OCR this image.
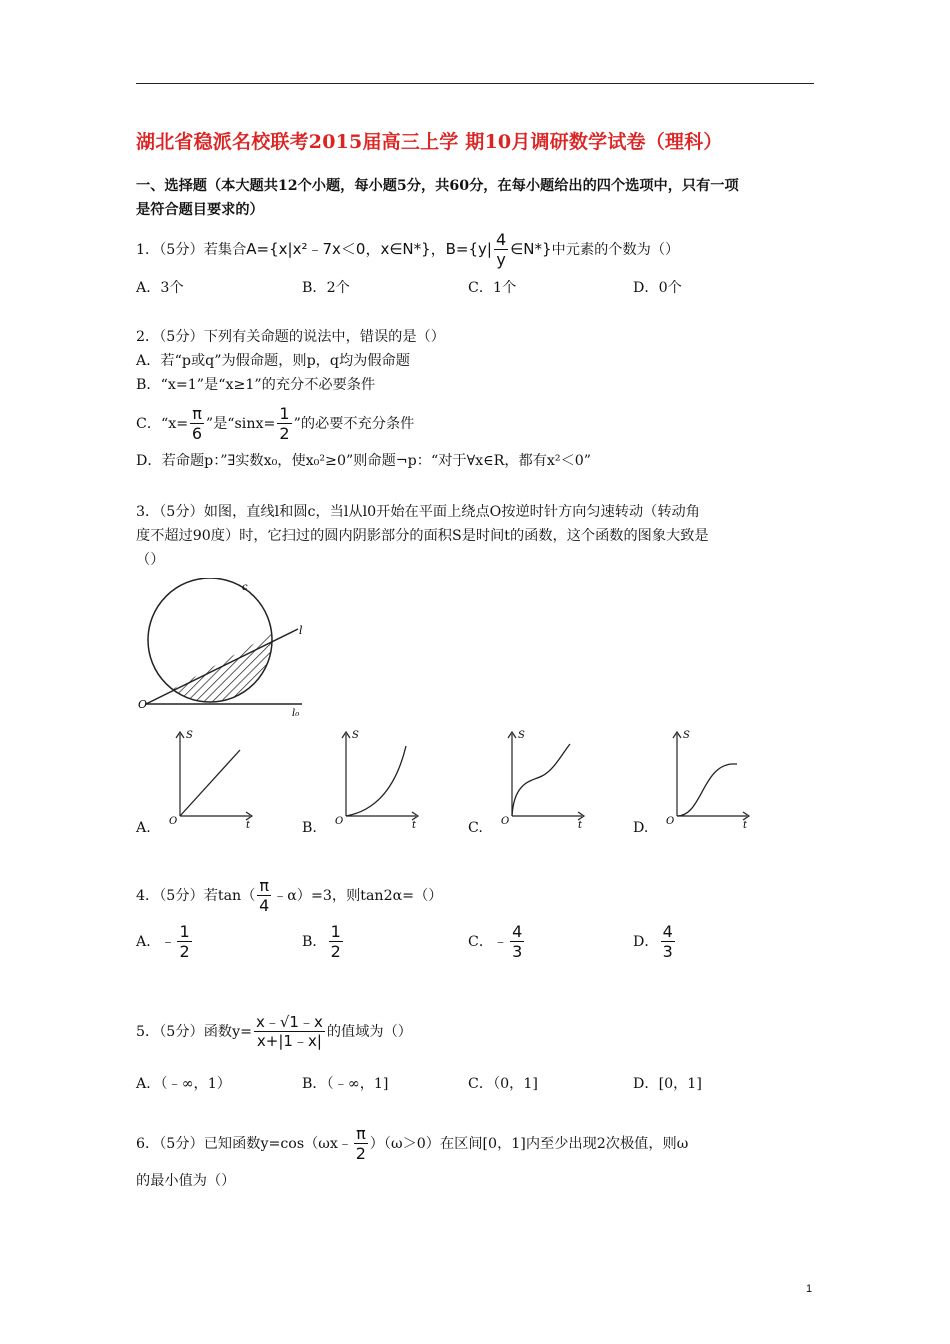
湖北省稳派名校联考2015届高三上学 期10月调研数学试卷（理科）
一、选择题（本大题共12个小题，每小题5分，共60分，在每小题给出的四个选项中，只有一项
是符合题目要求的）
1．（5分）若集合A={x|x²﹣7x＜0，x∈N*}，$B=\{y| \frac{4}{y}$ ∈N*}中元素的个数为（）
A．3个	B．2个	C．1个	D．0个
2．（5分）下列有关命题的说法中，错误的是（）
A．若“p或q”为假命题，则p，q均为假命题
B．“x=1”是“x≥1”的充分不必要条件
C．“$x= \frac{\pi}{6}$ ”是“$\sin x= \frac{1}{2}$ ”的必要不充分条件
D．若命题p：”∃实数x₀，使x₀²≥0”则命题¬p：“对于∀x∈R，都有x²＜0”
3．（5分）如图，直线l和圆c，当l从l0开始在平面上绕点O按逆时针方向匀速转动（转动角
度不超过90度）时，它扫过的圆内阴影部分的面积S是时间t的函数，这个函数的图象大致是
（）
c
l
O
l₀
S
O	t
A.
S
O	t
B.
S
O	t
C.
S
O	t
D.
4．（5分）若$\tan( \frac{\pi}{4}$ ﹣α）=3，则tan2α=（）
A．﹣ $\frac{1}{2}$	B． $\frac{1}{2}$	C．﹣ $\frac{4}{3}$	D． $\frac{4}{3}$
5．（5分）函数$y= \frac{x﹣√1﹣x}{x+|1﹣x|}$ 的值域为（）
A．（﹣∞，1）	B．（﹣∞，1]	C．（0，1]	D．[0，1]
6．（5分）已知函数y=cos（ωx﹣ $\frac{\pi}{2} )(\omega>0)$在区间[0，1]内至少出现2次极值，则ω
的最小值为（）
1
